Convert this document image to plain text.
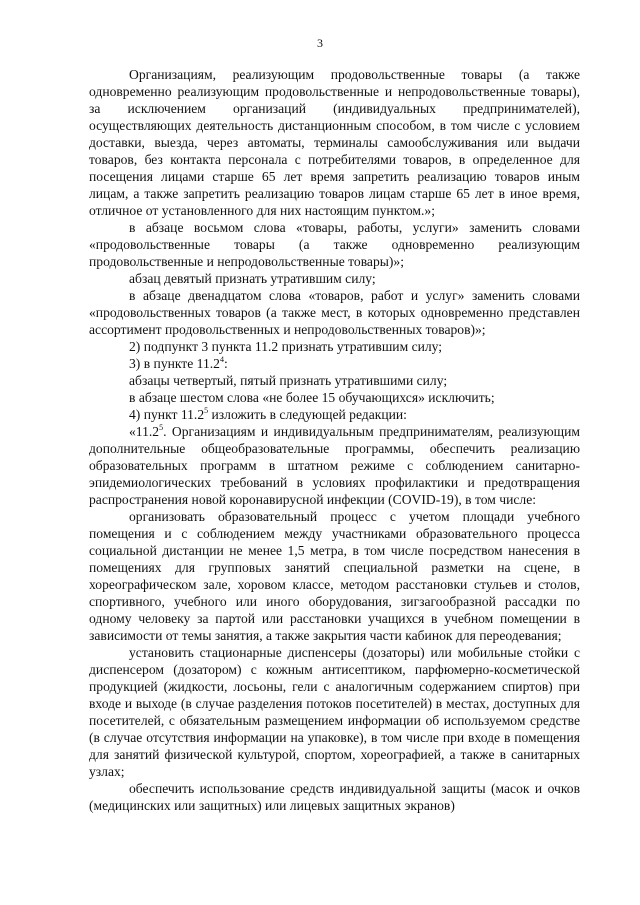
3

Организациям, реализующим продовольственные товары (а также одновременно реализующим продовольственные и непродовольственные товары), за исключением организаций (индивидуальных предпринимателей), осуществляющих деятельность дистанционным способом, в том числе с условием доставки, выезда, через автоматы, терминалы самообслуживания или выдачи товаров, без контакта персонала с потребителями товаров, в определенное для посещения лицами старше 65 лет время запретить реализацию товаров иным лицам, а также запретить реализацию товаров лицам старше 65 лет в иное время, отличное от установленного для них настоящим пунктом.»;

в абзаце восьмом слова «товары, работы, услуги» заменить словами «продовольственные товары (а также одновременно реализующим продовольственные и непродовольственные товары)»;

абзац девятый признать утратившим силу;

в абзаце двенадцатом слова «товаров, работ и услуг» заменить словами «продовольственных товаров (а также мест, в которых одновременно представлен ассортимент продовольственных и непродовольственных товаров)»;

2) подпункт 3 пункта 11.2 признать утратившим силу;

3) в пункте 11.2$^4$:

абзацы четвертый, пятый признать утратившими силу;

в абзаце шестом слова «не более 15 обучающихся» исключить;

4) пункт 11.2$^5$ изложить в следующей редакции:

«11.2$^5$. Организациям и индивидуальным предпринимателям, реализующим дополнительные общеобразовательные программы, обеспечить реализацию образовательных программ в штатном режиме с соблюдением санитарно-эпидемиологических требований в условиях профилактики и предотвращения распространения новой коронавирусной инфекции (COVID-19), в том числе:

организовать образовательный процесс с учетом площади учебного помещения и с соблюдением между участниками образовательного процесса социальной дистанции не менее 1,5 метра, в том числе посредством нанесения в помещениях для групповых занятий специальной разметки на сцене, в хореографическом зале, хоровом классе, методом расстановки стульев и столов, спортивного, учебного или иного оборудования, зигзагообразной рассадки по одному человеку за партой или расстановки учащихся в учебном помещении в зависимости от темы занятия, а также закрытия части кабинок для переодевания;

установить стационарные диспенсеры (дозаторы) или мобильные стойки с диспенсером (дозатором) с кожным антисептиком, парфюмерно-косметической продукцией (жидкости, лосьоны, гели с аналогичным содержанием спиртов) при входе и выходе (в случае разделения потоков посетителей) в местах, доступных для посетителей, с обязательным размещением информации об используемом средстве (в случае отсутствия информации на упаковке), в том числе при входе в помещения для занятий физической культурой, спортом, хореографией, а также в санитарных узлах;

обеспечить использование средств индивидуальной защиты (масок и очков (медицинских или защитных) или лицевых защитных экранов)
